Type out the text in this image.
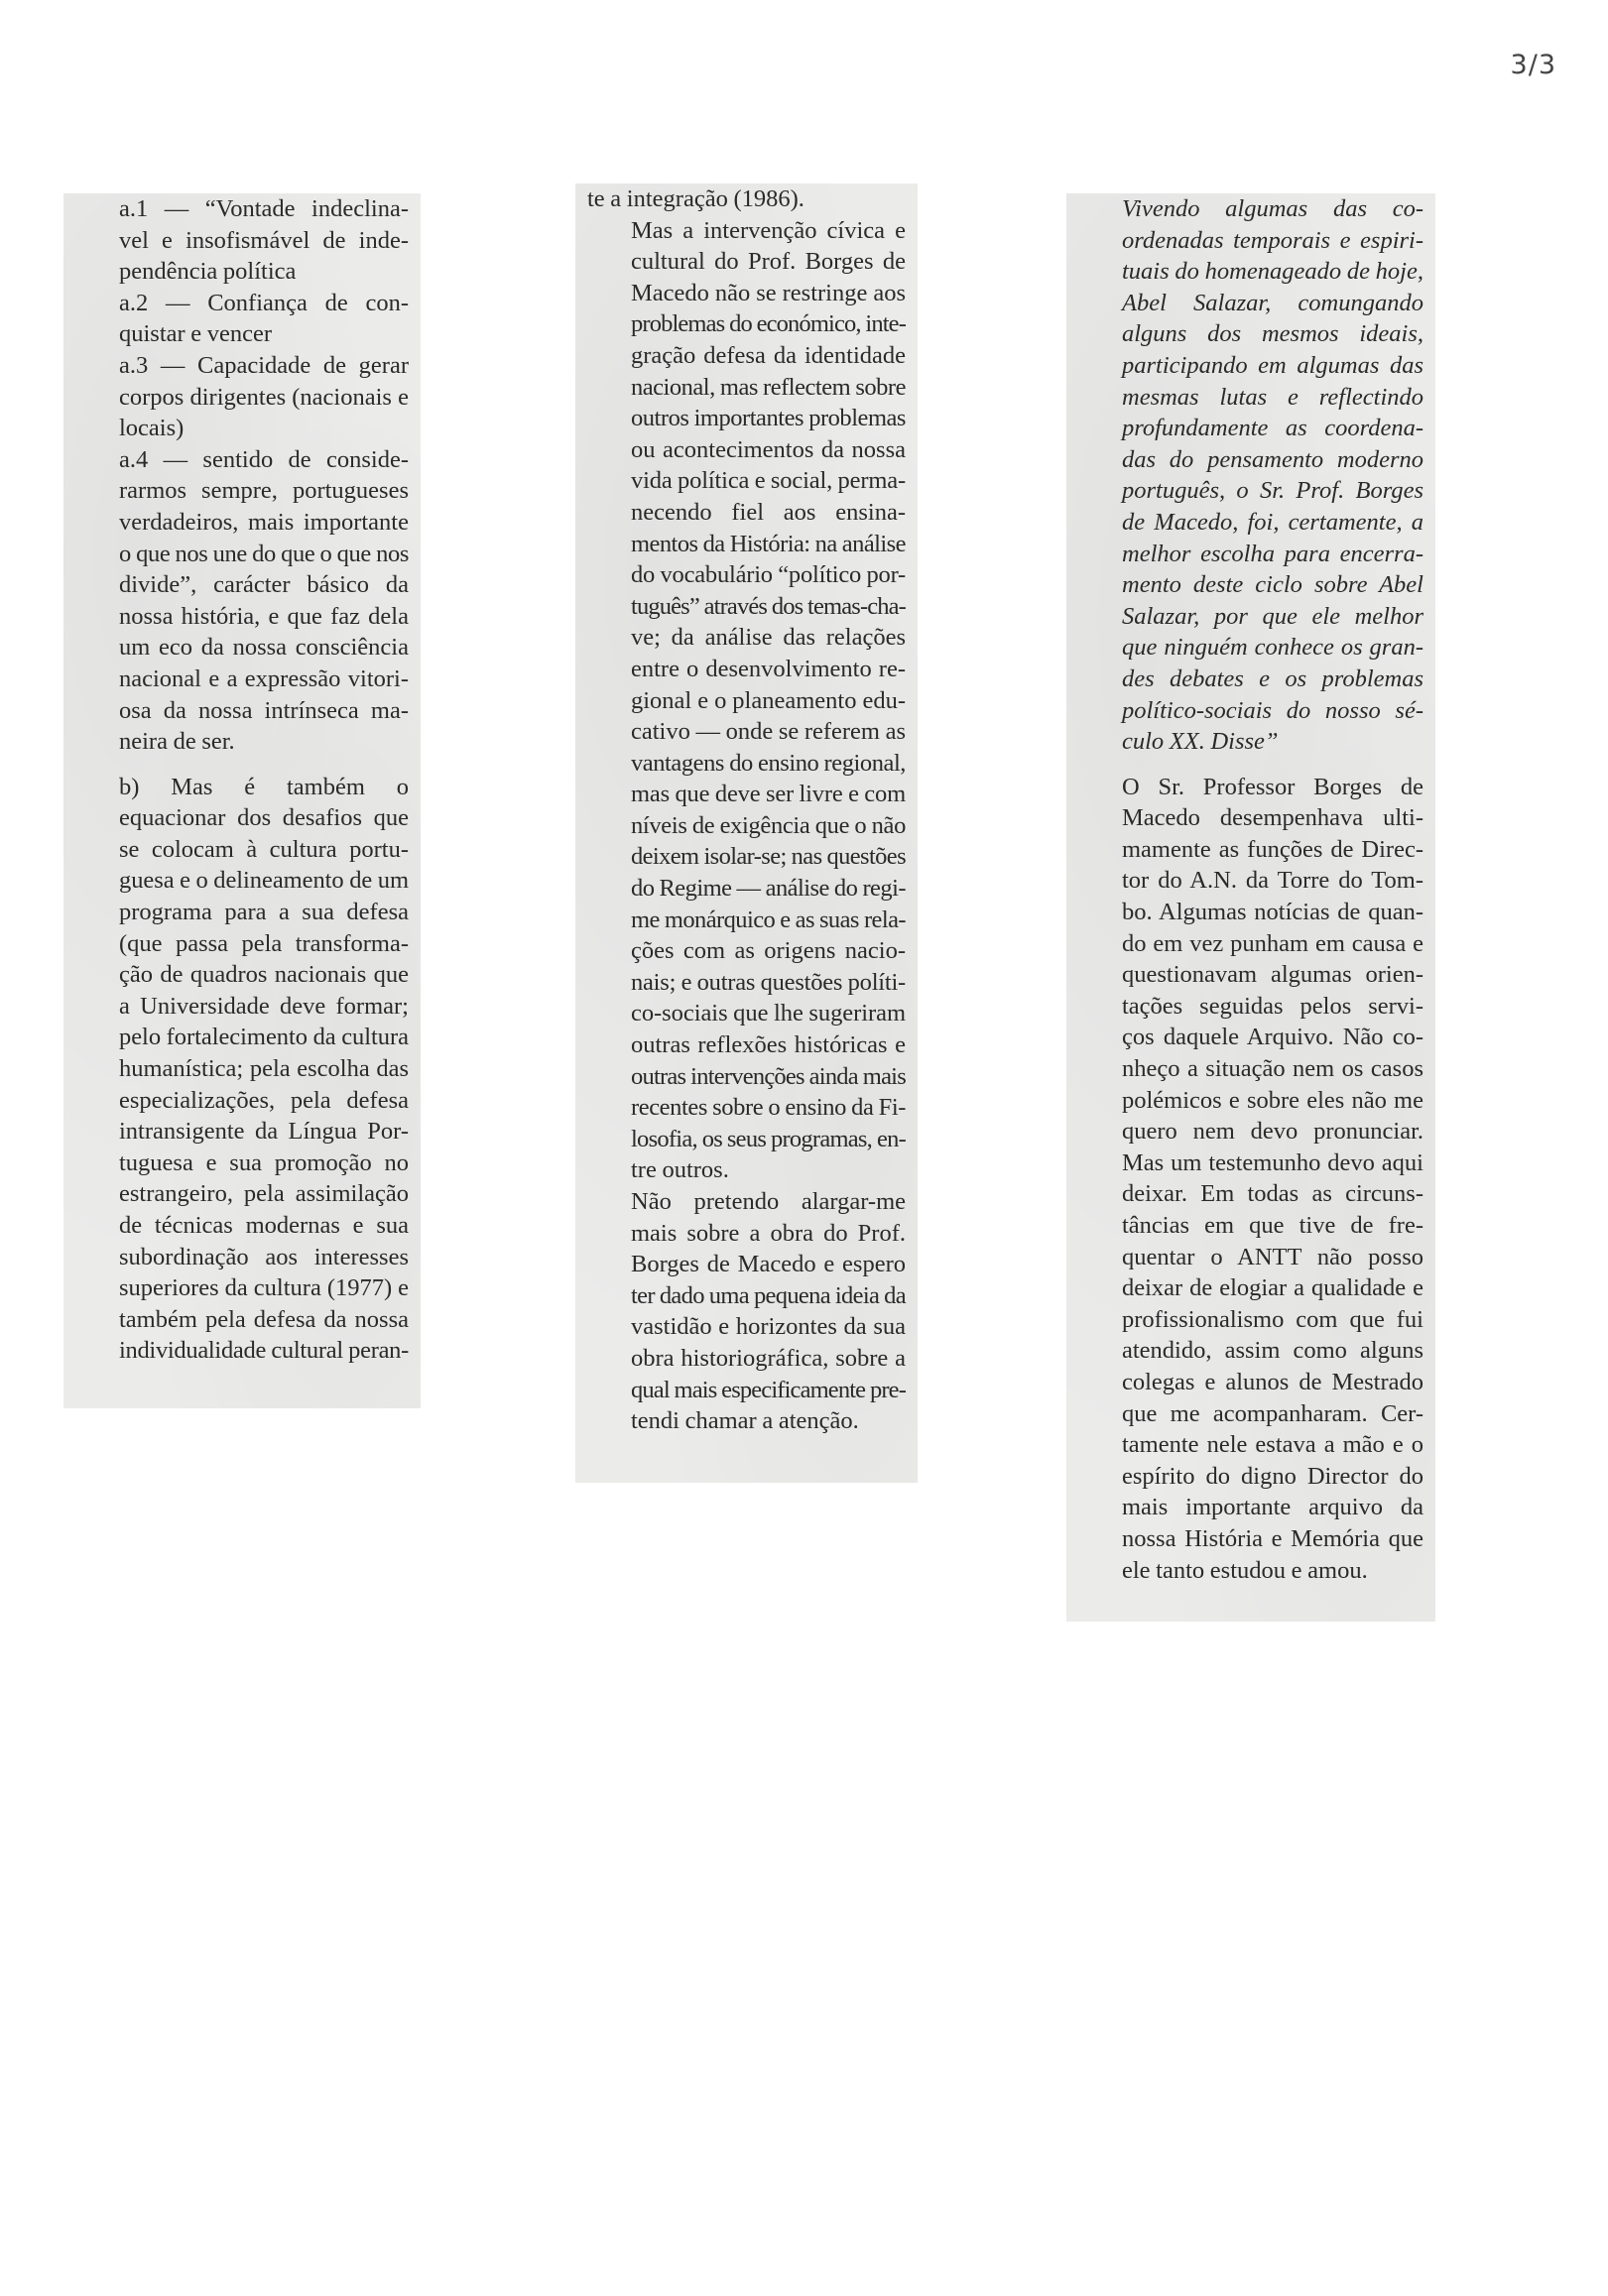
3/3

a.1 — “Vontade indeclina-
vel e insofismável de inde-
pendência política

a.2 — Confiança de con-
quistar e vencer

a.3 — Capacidade de gerar
corpos dirigentes (nacionais e
locais)

a.4 — sentido de conside-
rarmos sempre, portugueses
verdadeiros, mais importante
o que nos une do que o que nos
divide”, carácter básico da
nossa história, e que faz dela
um eco da nossa consciência
nacional e a expressão vitori-
osa da nossa intrínseca ma-
neira de ser.

b) Mas é também o
equacionar dos desafios que
se colocam à cultura portu-
guesa e o delineamento de um
programa para a sua defesa
(que passa pela transforma-
ção de quadros nacionais que
a Universidade deve formar;
pelo fortalecimento da cultura
humanística; pela escolha das
especializações, pela defesa
intransigente da Língua Por-
tuguesa e sua promoção no
estrangeiro, pela assimilação
de técnicas modernas e sua
subordinação aos interesses
superiores da cultura (1977) e
também pela defesa da nossa
individualidade cultural peran-

te a integração (1986).

Mas a intervenção cívica e
cultural do Prof. Borges de
Macedo não se restringe aos
problemas do económico, inte-
gração defesa da identidade
nacional, mas reflectem sobre
outros importantes problemas
ou acontecimentos da nossa
vida política e social, perma-
necendo fiel aos ensina-
mentos da História: na análise
do vocabulário “político por-
tuguês” através dos temas-cha-
ve; da análise das relações
entre o desenvolvimento re-
gional e o planeamento edu-
cativo — onde se referem as
vantagens do ensino regional,
mas que deve ser livre e com
níveis de exigência que o não
deixem isolar-se; nas questões
do Regime — análise do regi-
me monárquico e as suas rela-
ções com as origens nacio-
nais; e outras questões políti-
co-sociais que lhe sugeriram
outras reflexões históricas e
outras intervenções ainda mais
recentes sobre o ensino da Fi-
losofia, os seus programas, en-
tre outros.

Não pretendo alargar-me
mais sobre a obra do Prof.
Borges de Macedo e espero
ter dado uma pequena ideia da
vastidão e horizontes da sua
obra historiográfica, sobre a
qual mais especificamente pre-
tendi chamar a atenção.

Vivendo algumas das co-
ordenadas temporais e espiri-
tuais do homenageado de hoje,
Abel Salazar, comungando
alguns dos mesmos ideais,
participando em algumas das
mesmas lutas e reflectindo
profundamente as coordena-
das do pensamento moderno
português, o Sr. Prof. Borges
de Macedo, foi, certamente, a
melhor escolha para encerra-
mento deste ciclo sobre Abel
Salazar, por que ele melhor
que ninguém conhece os gran-
des debates e os problemas
político-sociais do nosso sé-
culo XX. Disse”

O Sr. Professor Borges de
Macedo desempenhava ulti-
mamente as funções de Direc-
tor do A.N. da Torre do Tom-
bo. Algumas notícias de quan-
do em vez punham em causa e
questionavam algumas orien-
tações seguidas pelos servi-
ços daquele Arquivo. Não co-
nheço a situação nem os casos
polémicos e sobre eles não me
quero nem devo pronunciar.
Mas um testemunho devo aqui
deixar. Em todas as circuns-
tâncias em que tive de fre-
quentar o ANTT não posso
deixar de elogiar a qualidade e
profissionalismo com que fui
atendido, assim como alguns
colegas e alunos de Mestrado
que me acompanharam. Cer-
tamente nele estava a mão e o
espírito do digno Director do
mais importante arquivo da
nossa História e Memória que
ele tanto estudou e amou.
